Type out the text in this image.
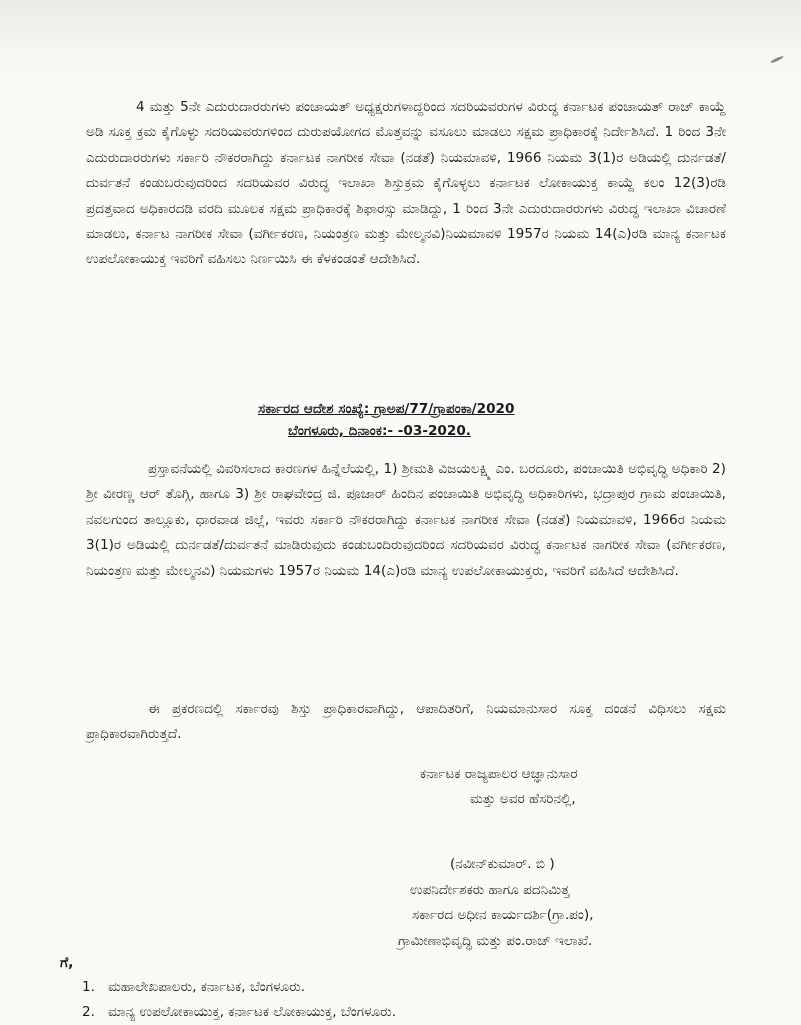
4 ಮತ್ತು 5ನೇ ಎದುರುದಾರರುಗಳು ಪಂಚಾಯತ್ ಅಧ್ಯಕ್ಷರುಗಳಾದ್ದರಿಂದ ಸದರಿಯವರುಗಳ ವಿರುದ್ಧ ಕರ್ನಾಟಕ ಪಂಚಾಯತ್ ರಾಜ್ ಕಾಯ್ದೆ ಅಡಿ ಸೂಕ್ತ ಕ್ರಮ ಕೈಗೊಳ್ಳು ಸದರಿಯವರುಗಳಿಂದ ದುರುಪಯೋಗದ ಮೊತ್ತವನ್ನು ವಸೂಲು ಮಾಡಲು ಸಕ್ಷಮ ಪ್ರಾಧಿಕಾರಕ್ಕೆ ನಿರ್ದೇಶಿಸಿದೆ. 1 ರಿಂದ 3ನೇ ಎದುರುದಾರರುಗಳು ಸರ್ಕಾರಿ ನೌಕರರಾಗಿದ್ದು ಕರ್ನಾಟಕ ನಾಗರೀಕ ಸೇವಾ (ನಡತೆ) ನಿಯಮಾವಳಿ, 1966 ನಿಯಮ 3(1)ರ ಅಡಿಯಲ್ಲಿ ದುರ್ನಡತೆ/ದುರ್ವತನೆ ಕಂಡುಬರುವುದರಿಂದ ಸದರಿಯವರ ವಿರುದ್ಧ ಇಲಾಖಾ ಶಿಸ್ತುಕ್ರಮ ಕೈಗೊಳ್ಳಲು ಕರ್ನಾಟಕ ಲೋಕಾಯುಕ್ತ ಕಾಯ್ದೆ ಕಲಂ 12(3)ರಡಿ ಪ್ರದತ್ತವಾದ ಅಧಿಕಾರದಡಿ ವರದಿ ಮೂಲಕ ಸಕ್ಷಮ ಪ್ರಾಧಿಕಾರಕ್ಕೆ ಶಿಫಾರಸ್ಸು ಮಾಡಿದ್ದು, 1 ರಿಂದ 3ನೇ ಎದುರುದಾರರುಗಳು ವಿರುದ್ಧ ಇಲಾಖಾ ವಿಚಾರಣೆ ಮಾಡಲು, ಕರ್ನಾಟ ನಾಗರೀಕ ಸೇವಾ (ವರ್ಗೀಕರಣ, ನಿಯಂತ್ರಣ ಮತ್ತು ಮೇಲ್ಮನವಿ)ನಿಯಮಾವಳಿ 1957ರ ನಿಯಮ 14(ಎ)ರಡಿ ಮಾನ್ಯ ಕರ್ನಾಟಕ ಉಪಲೋಕಾಯುಕ್ತ ಇವರಿಗೆ ವಹಿಸಲು ನಿರ್ಣಯಿಸಿ ಈ ಕೆಳಕಂಡಂತೆ ಆದೇಶಿಸಿದೆ.

ಸರ್ಕಾರದ ಆದೇಶ ಸಂಖ್ಯೆ: ಗ್ರಾಅಪ/77/ಗ್ರಾಪಂಕಾ/2020
ಬೆಂಗಳೂರು, ದಿನಾಂಕ:- -03-2020.

ಪ್ರಸ್ತಾವನೆಯಲ್ಲಿ ವಿವರಿಸಲಾದ ಕಾರಣಗಳ ಹಿನ್ನೆಲೆಯಲ್ಲಿ, 1) ಶ್ರೀಮತಿ ವಿಜಯಲಕ್ಷ್ಮಿ ಎಂ. ಬರದೂರು, ಪಂಚಾಯಿತಿ ಅಭಿವೃದ್ಧಿ ಅಧಿಕಾರಿ 2) ಶ್ರೀ ವೀರಣ್ಣ ಆರ್ ತೊಗ್ಗಿ, ಹಾಗೂ 3) ಶ್ರೀ ರಾಘವೇಂದ್ರ ಜಿ. ಪೂಜಾರ್ ಹಿಂದಿನ ಪಂಚಾಯಿತಿ ಅಭಿವೃದ್ಧಿ ಅಧಿಕಾರಿಗಳು, ಭದ್ರಾಪುರ ಗ್ರಾಮ ಪಂಚಾಯಿತಿ, ನವಲಗುಂದ ತಾಲ್ಲೂಕು, ಧಾರವಾಡ ಜಿಲ್ಲೆ, ಇವರು ಸರ್ಕಾರಿ ನೌಕರರಾಗಿದ್ದು ಕರ್ನಾಟಕ ನಾಗರೀಕ ಸೇವಾ (ನಡತೆ) ನಿಯಮಾವಳಿ, 1966ರ ನಿಯಮ 3(1)ರ ಅಡಿಯಲ್ಲಿ ದುರ್ನಡತೆ/ದುರ್ವತನೆ ಮಾಡಿರುವುದು ಕಂಡುಬಂದಿರುವುದರಿಂದ ಸದರಿಯವರ ವಿರುದ್ಧ ಕರ್ನಾಟಕ ನಾಗರೀಕ ಸೇವಾ (ವರ್ಗೀಕರಣ, ನಿಯಂತ್ರಣ ಮತ್ತು ಮೇಲ್ಮನವಿ) ನಿಯಮಗಳು 1957ರ ನಿಯಮ 14(ಎ)ರಡಿ ಮಾನ್ಯ ಉಪಲೋಕಾಯುಕ್ತರು, ಇವರಿಗೆ ವಹಿಸಿದೆ ಆದೇಶಿಸಿದೆ.

ಈ ಪ್ರಕರಣದಲ್ಲಿ ಸರ್ಕಾರವು ಶಿಸ್ತು ಪ್ರಾಧಿಕಾರವಾಗಿದ್ದು, ಆಪಾದಿತರಿಗೆ, ನಿಯಮಾನುಸಾರ ಸೂಕ್ತ ದಂಡನೆ ವಿಧಿಸಲು ಸಕ್ಷಮ ಪ್ರಾಧಿಕಾರವಾಗಿರುತ್ತದೆ.

ಕರ್ನಾಟಕ ರಾಜ್ಯಪಾಲರ ಆಜ್ಞಾನುಸಾರ
ಮತ್ತು ಅವರ ಹೆಸರಿನಲ್ಲಿ,
(ನವೀನ್‌ಕುಮಾರ್. ಬಿ )
ಉಪನಿರ್ದೇಶಕರು ಹಾಗೂ ಪದನಿಮಿತ್ತ
ಸರ್ಕಾರದ ಅಧೀನ ಕಾರ್ಯದರ್ಶಿ(ಗ್ರಾ.ಪಂ),
ಗ್ರಾಮೀಣಾಭಿವೃದ್ಧಿ ಮತ್ತು ಪಂ.ರಾಜ್ ಇಲಾಖೆ.
ಗೆ,
1. ಮಹಾಲೇಖಪಾಲರು, ಕರ್ನಾಟಕ, ಬೆಂಗಳೂರು.
2. ಮಾನ್ಯ ಉಪಲೋಕಾಯುಕ್ತ, ಕರ್ನಾಟಕ ಲೋಕಾಯುಕ್ತ, ಬೆಂಗಳೂರು.
